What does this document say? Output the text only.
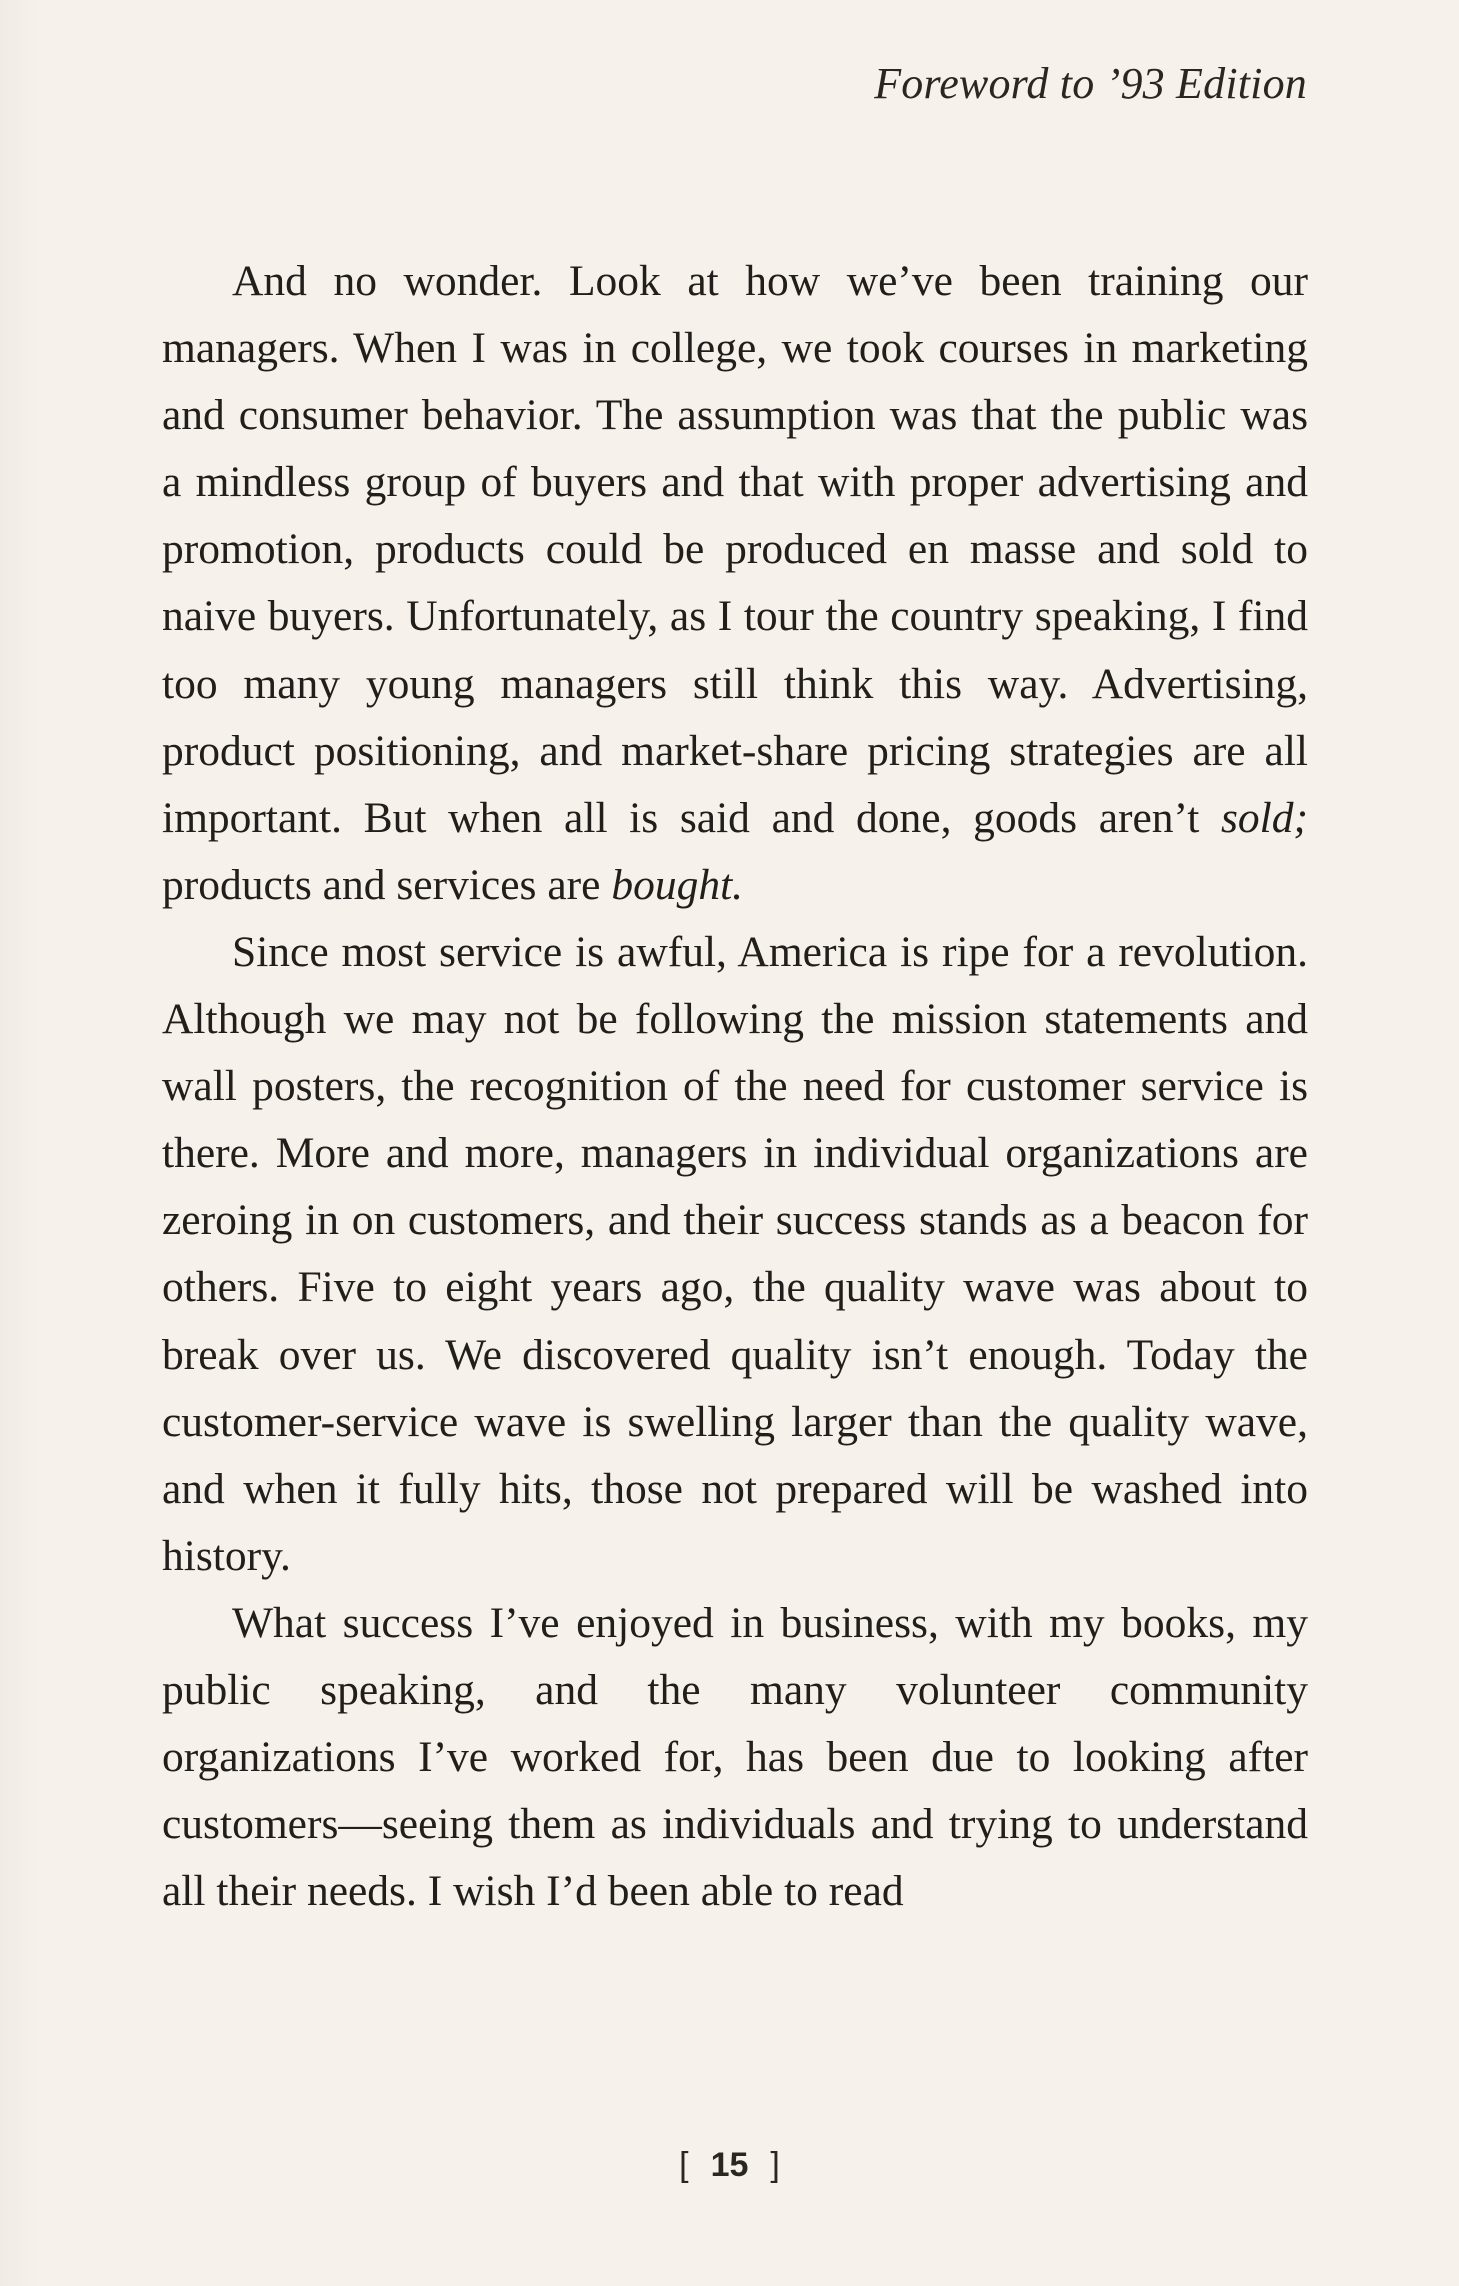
Foreword to ’93 Edition

And no wonder. Look at how we’ve been training our managers. When I was in college, we took courses in marketing and consumer behavior. The assumption was that the public was a mindless group of buyers and that with proper advertising and promotion, products could be produced en masse and sold to naive buyers. Unfortunately, as I tour the country speaking, I find too many young managers still think this way. Advertising, product positioning, and market-share pricing strategies are all important. But when all is said and done, goods aren’t sold; products and services are bought.

Since most service is awful, America is ripe for a revolution. Although we may not be following the mission statements and wall posters, the recognition of the need for customer service is there. More and more, managers in individual organizations are zeroing in on customers, and their success stands as a beacon for others. Five to eight years ago, the quality wave was about to break over us. We discovered quality isn’t enough. Today the customer-service wave is swelling larger than the quality wave, and when it fully hits, those not prepared will be washed into history.

What success I’ve enjoyed in business, with my books, my public speaking, and the many volunteer community organizations I’ve worked for, has been due to looking after customers—seeing them as individuals and trying to understand all their needs. I wish I’d been able to read

[ 15 ]
